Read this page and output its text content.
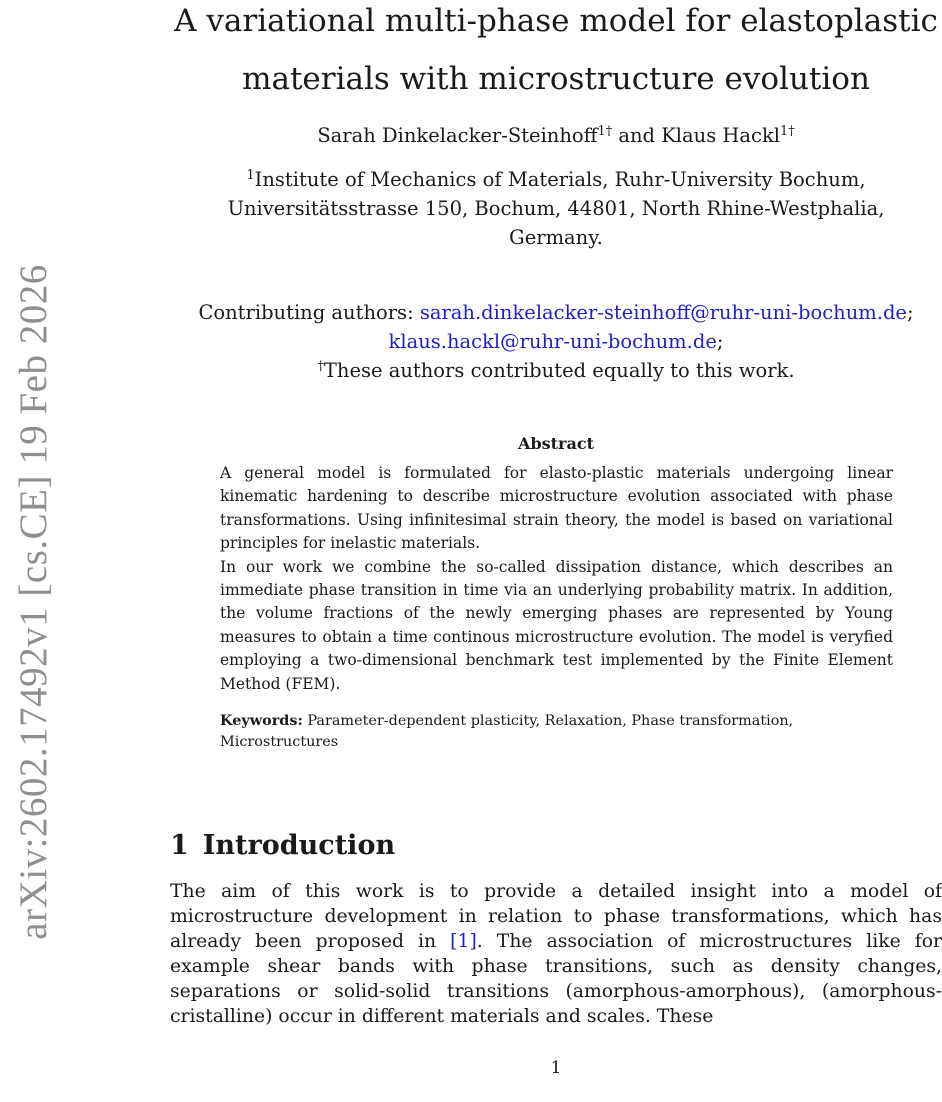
arXiv:2602.17492v1 [cs.CE] 19 Feb 2026
A variational multi-phase model for elastoplastic
materials with microstructure evolution
Sarah Dinkelacker-Steinhoff$^{1\dagger}$ and Klaus Hackl$^{1\dagger}$
$^1$Institute of Mechanics of Materials, Ruhr-University Bochum,
Universitätsstrasse 150, Bochum, 44801, North Rhine-Westphalia,
Germany.
Contributing authors: sarah.dinkelacker-steinhoff@ruhr-uni-bochum.de;
klaus.hackl@ruhr-uni-bochum.de;
†These authors contributed equally to this work.
Abstract

A general model is formulated for elasto-plastic materials undergoing linear kinematic hardening to describe microstructure evolution associated with phase transformations. Using infinitesimal strain theory, the model is based on variational principles for inelastic materials.

In our work we combine the so-called dissipation distance, which describes an immediate phase transition in time via an underlying probability matrix. In addition, the volume fractions of the newly emerging phases are represented by Young measures to obtain a time continous microstructure evolution. The model is veryfied employing a two-dimensional benchmark test implemented by the Finite Element Method (FEM).

Keywords: Parameter-dependent plasticity, Relaxation, Phase transformation, Microstructures
1 Introduction

The aim of this work is to provide a detailed insight into a model of microstructure development in relation to phase transformations, which has already been proposed in [1]. The association of microstructures like for example shear bands with phase transitions, such as density changes, separations or solid-solid transitions (amorphous-amorphous), (amorphous-cristalline) occur in different materials and scales. These

1
